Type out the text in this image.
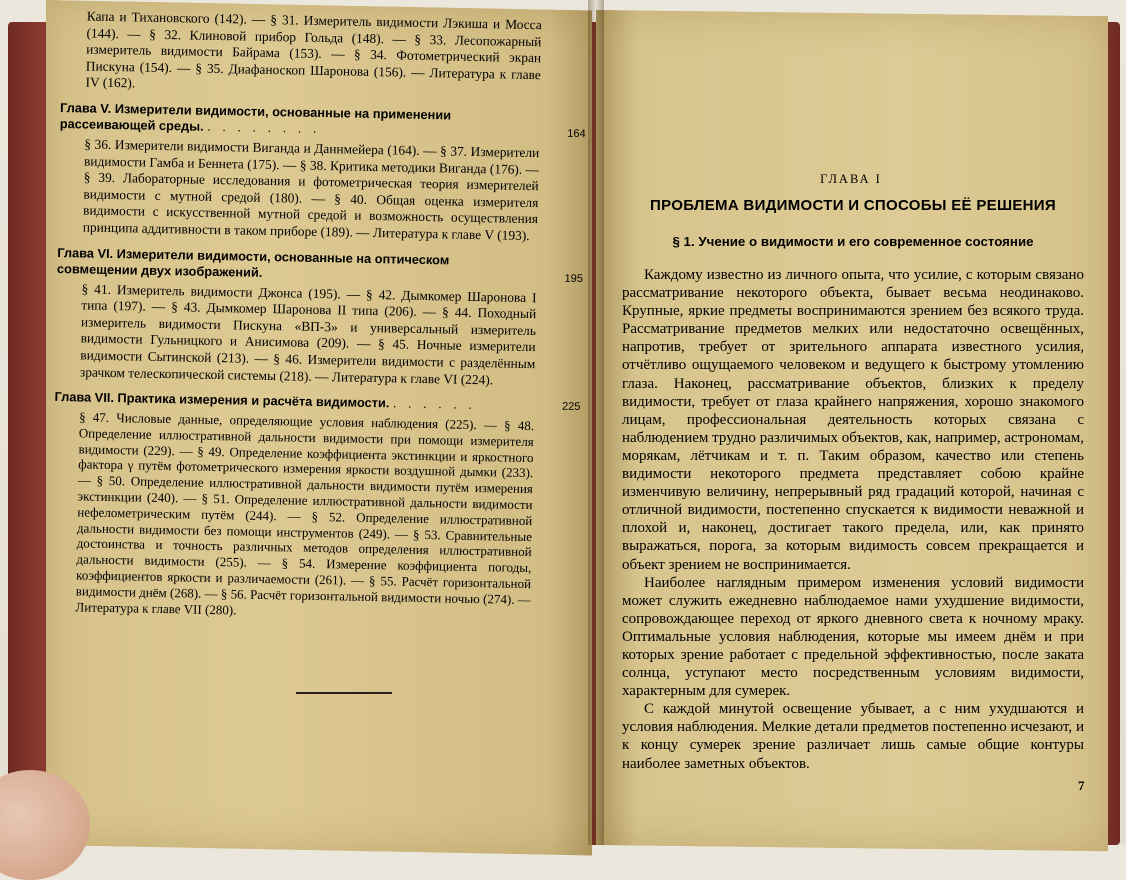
Капа и Тихановского (142). — § 31. Измеритель видимости Лэкиша и Мосса (144). — § 32. Клиновой прибор Гольда (148). — § 33. Лесопожарный измеритель видимости Байрама (153). — § 34. Фотометрический экран Пискуна (154). — § 35. Диафаноскоп Шаронова (156). — Литература к главе IV (162).

Глава V. Измерители видимости, основанные на применении рассеивающей среды. . . . . . . . .	164

§ 36. Измерители видимости Виганда и Даннмейера (164). — § 37. Измерители видимости Гамба и Беннета (175). — § 38. Критика методики Виганда (176). — § 39. Лабораторные исследования и фотометрическая теория измерителей видимости с мутной средой (180). — § 40. Общая оценка измерителя видимости с искусственной мутной средой и возможность осуществления принципа аддитивности в таком приборе (189). — Литература к главе V (193).

Глава VI. Измерители видимости, основанные на оптическом совмещении двух изображений.	195

§ 41. Измеритель видимости Джонса (195). — § 42. Дымкомер Шаронова I типа (197). — § 43. Дымкомер Шаронова II типа (206). — § 44. Походный измеритель видимости Пискуна «ВП-3» и универсальный измеритель видимости Гульницкого и Анисимова (209). — § 45. Ночные измерители видимости Сытинской (213). — § 46. Измерители видимости с разделённым зрачком телескопической системы (218). — Литература к главе VI (224).

Глава VII. Практика измерения и расчёта видимости. . . . . . .	225

§ 47. Числовые данные, определяющие условия наблюдения (225). — § 48. Определение иллюстративной дальности видимости при помощи измерителя видимости (229). — § 49. Определение коэффициента экстинкции и яркостного фактора γ путём фотометрического измерения яркости воздушной дымки (233). — § 50. Определение иллюстративной дальности видимости путём измерения экстинкции (240). — § 51. Определение иллюстративной дальности видимости нефелометрическим путём (244). — § 52. Определение иллюстративной дальности видимости без помощи инструментов (249). — § 53. Сравнительные достоинства и точность различных методов определения иллюстративной дальности видимости (255). — § 54. Измерение коэффициента погоды, коэффициентов яркости и различаемости (261). — § 55. Расчёт горизонтальной видимости днём (268). — § 56. Расчёт горизонтальной видимости ночью (274). — Литература к главе VII (280).

ГЛАВА I
ПРОБЛЕМА ВИДИМОСТИ И СПОСОБЫ ЕЁ РЕШЕНИЯ
§ 1. Учение о видимости и его современное состояние

Каждому известно из личного опыта, что усилие, с которым связано рассматривание некоторого объекта, бывает весьма неодинаково. Крупные, яркие предметы воспринимаются зрением без всякого труда. Рассматривание предметов мелких или недостаточно освещённых, напротив, требует от зрительного аппарата известного усилия, отчётливо ощущаемого человеком и ведущего к быстрому утомлению глаза. Наконец, рассматривание объектов, близких к пределу видимости, требует от глаза крайнего напряжения, хорошо знакомого лицам, профессиональная деятельность которых связана с наблюдением трудно различимых объектов, как, например, астрономам, морякам, лётчикам и т. п. Таким образом, качество или степень видимости некоторого предмета представляет собою крайне изменчивую величину, непрерывный ряд градаций которой, начиная с отличной видимости, постепенно спускается к видимости неважной и плохой и, наконец, достигает такого предела, или, как принято выражаться, порога, за которым видимость совсем прекращается и объект зрением не воспринимается.

Наиболее наглядным примером изменения условий видимости может служить ежедневно наблюдаемое нами ухудшение видимости, сопровождающее переход от яркого дневного света к ночному мраку. Оптимальные условия наблюдения, которые мы имеем днём и при которых зрение работает с предельной эффективностью, после заката солнца, уступают место посредственным условиям видимости, характерным для сумерек.

С каждой минутой освещение убывает, а с ним ухудшаются и условия наблюдения. Мелкие детали предметов постепенно исчезают, и к концу сумерек зрение различает лишь самые общие контуры наиболее заметных объектов.

7
